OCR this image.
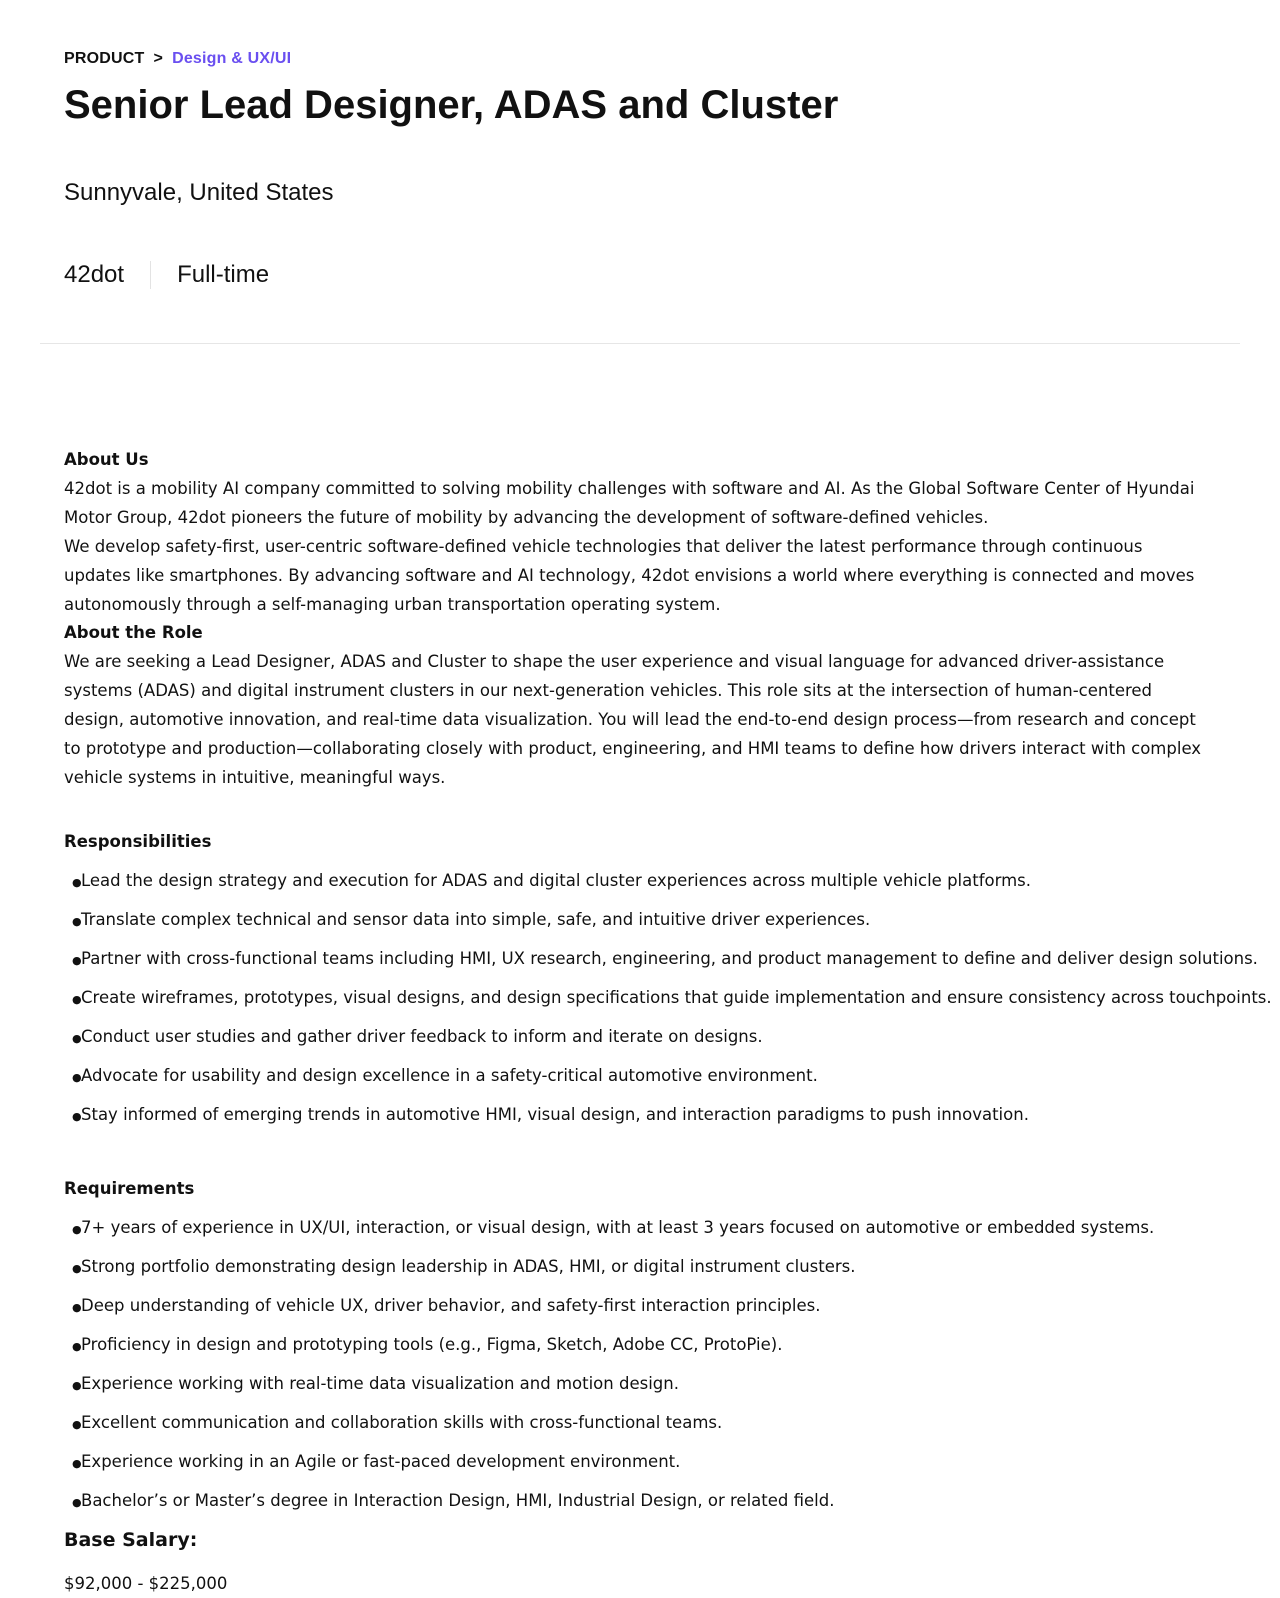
PRODUCT > Design & UX/UI
Senior Lead Designer, ADAS and Cluster
Sunnyvale, United States
42dot Full-time

About Us

42dot is a mobility AI company committed to solving mobility challenges with software and AI. As the Global Software Center of Hyundai Motor Group, 42dot pioneers the future of mobility by advancing the development of software-defined vehicles.

We develop safety-first, user-centric software-defined vehicle technologies that deliver the latest performance through continuous updates like smartphones. By advancing software and AI technology, 42dot envisions a world where everything is connected and moves autonomously through a self-managing urban transportation operating system.

About the Role

We are seeking a Lead Designer, ADAS and Cluster to shape the user experience and visual language for advanced driver-assistance systems (ADAS) and digital instrument clusters in our next-generation vehicles. This role sits at the intersection of human-centered design, automotive innovation, and real-time data visualization. You will lead the end-to-end design process—from research and concept to prototype and production—collaborating closely with product, engineering, and HMI teams to define how drivers interact with complex vehicle systems in intuitive, meaningful ways.

Responsibilities

● Lead the design strategy and execution for ADAS and digital cluster experiences across multiple vehicle platforms.
● Translate complex technical and sensor data into simple, safe, and intuitive driver experiences.
● Partner with cross-functional teams including HMI, UX research, engineering, and product management to define and deliver design solutions.
● Create wireframes, prototypes, visual designs, and design specifications that guide implementation and ensure consistency across touchpoints.
● Conduct user studies and gather driver feedback to inform and iterate on designs.
● Advocate for usability and design excellence in a safety-critical automotive environment.
● Stay informed of emerging trends in automotive HMI, visual design, and interaction paradigms to push innovation.

Requirements

● 7+ years of experience in UX/UI, interaction, or visual design, with at least 3 years focused on automotive or embedded systems.
● Strong portfolio demonstrating design leadership in ADAS, HMI, or digital instrument clusters.
● Deep understanding of vehicle UX, driver behavior, and safety-first interaction principles.
● Proficiency in design and prototyping tools (e.g., Figma, Sketch, Adobe CC, ProtoPie).
● Experience working with real-time data visualization and motion design.
● Excellent communication and collaboration skills with cross-functional teams.
● Experience working in an Agile or fast-paced development environment.
● Bachelor’s or Master’s degree in Interaction Design, HMI, Industrial Design, or related field.
Base Salary:
$92,000 - $225,000
